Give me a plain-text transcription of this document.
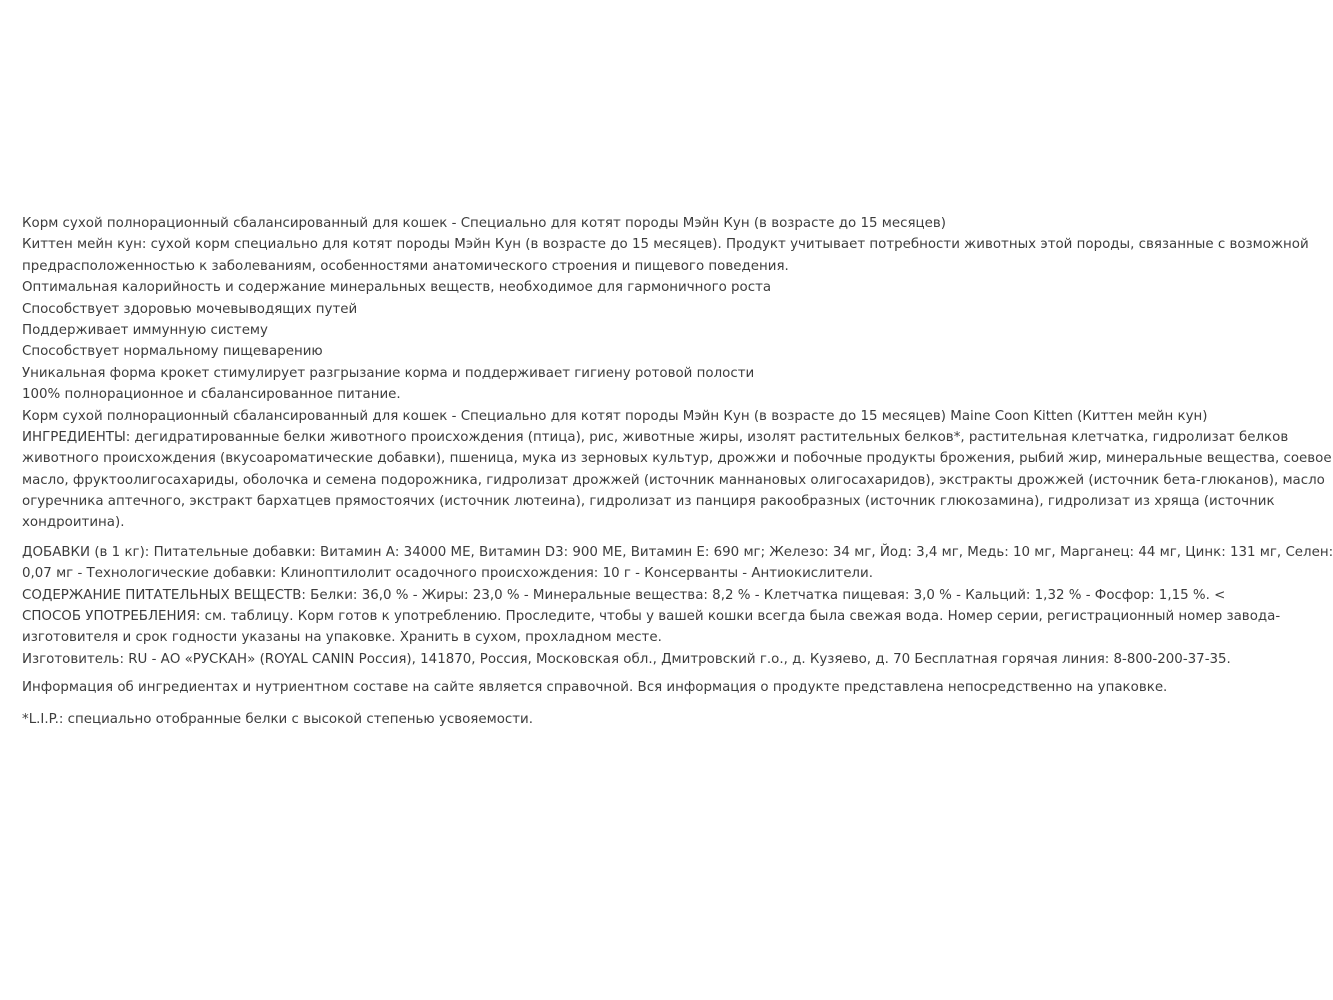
Корм сухой полнорационный сбалансированный для кошек - Специально для котят породы Мэйн Кун (в возрасте до 15 месяцев)

Киттен мейн кун: сухой корм специально для котят породы Мэйн Кун (в возрасте до 15 месяцев). Продукт учитывает потребности животных этой породы, связанные с возможной

предрасположенностью к заболеваниям, особенностями анатомического строения и пищевого поведения.

Оптимальная калорийность и содержание минеральных веществ, необходимое для гармоничного роста

Способствует здоровью мочевыводящих путей

Поддерживает иммунную систему

Способствует нормальному пищеварению

Уникальная форма крокет стимулирует разгрызание корма и поддерживает гигиену ротовой полости

100% полнорационное и сбалансированное питание.

Корм сухой полнорационный сбалансированный для кошек - Специально для котят породы Мэйн Кун (в возрасте до 15 месяцев) Maine Coon Kitten (Киттен мейн кун)

ИНГРЕДИЕНТЫ: дегидратированные белки животного происхождения (птица), рис, животные жиры, изолят растительных белков*, растительная клетчатка, гидролизат белков

животного происхождения (вкусоароматические добавки), пшеница, мука из зерновых культур, дрожжи и побочные продукты брожения, рыбий жир, минеральные вещества, соевое

масло, фруктоолигосахариды, оболочка и семена подорожника, гидролизат дрожжей (источник маннановых олигосахаридов), экстракты дрожжей (источник бета-глюканов), масло

огуречника аптечного, экстракт бархатцев прямостоячих (источник лютеина), гидролизат из панциря ракообразных (источник глюкозамина), гидролизат из хряща (источник

хондроитина).

ДОБАВКИ (в 1 кг): Питательные добавки: Витамин А: 34000 МЕ, Витамин D3: 900 МЕ, Витамин Е: 690 мг; Железо: 34 мг, Йод: 3,4 мг, Медь: 10 мг, Марганец: 44 мг, Цинк: 131 мг, Селен:

0,07 мг - Технологические добавки: Клиноптилолит осадочного происхождения: 10 г - Консерванты - Антиокислители.

СОДЕРЖАНИЕ ПИТАТЕЛЬНЫХ ВЕЩЕСТВ: Белки: 36,0 % - Жиры: 23,0 % - Минеральные вещества: 8,2 % - Клетчатка пищевая: 3,0 % - Кальций: 1,32 % - Фосфор: 1,15 %. <

СПОСОБ УПОТРЕБЛЕНИЯ: см. таблицу. Корм готов к употреблению. Проследите, чтобы у вашей кошки всегда была свежая вода. Номер серии, регистрационный номер завода-

изготовителя и срок годности указаны на упаковке. Хранить в сухом, прохладном месте.

Изготовитель: RU - АО «РУСКАН» (ROYAL CANIN Россия), 141870, Россия, Московская обл., Дмитровский г.о., д. Кузяево, д. 70 Бесплатная горячая линия: 8-800-200-37-35.

Информация об ингредиентах и нутриентном составе на сайте является справочной. Вся информация о продукте представлена непосредственно на упаковке.

*L.I.P.: специально отобранные белки с высокой степенью усвояемости.
